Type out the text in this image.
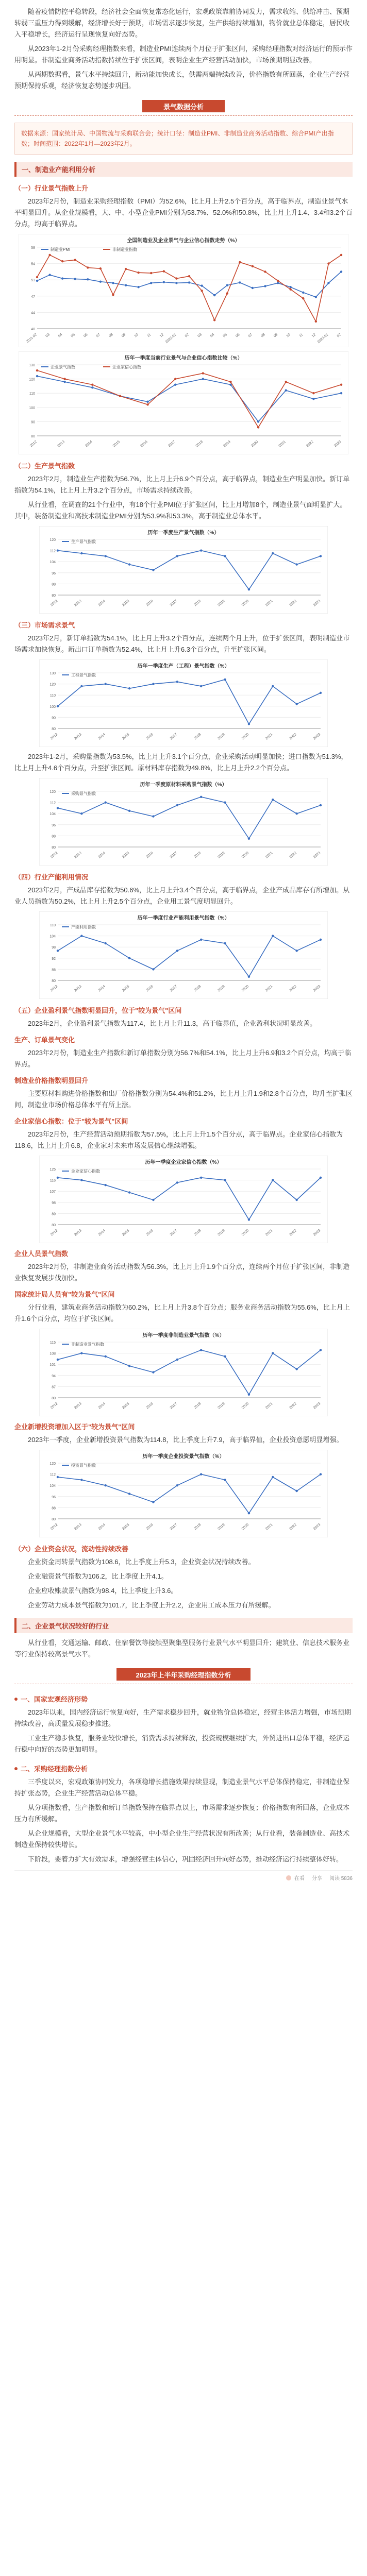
随着疫情防控平稳转段，经济社会全面恢复常态化运行，宏观政策靠前协同发力，需求收缩、供给冲击、预期转弱三重压力得到缓解，经济增长好于预期，市场需求逐步恢复，生产供给持续增加，物价就业总体稳定，居民收入平稳增长，经济运行呈现恢复向好态势。

从2023年1-2月份采购经理指数来看，制造业PMI连续两个月位于扩张区间，采购经理指数对经济运行的预示作用明显。非制造业商务活动指数持续位于扩张区间，表明企业生产经营活动加快，市场预期明显改善。

从两期数据看，景气水平持续回升，新动能加快成长，供需两端持续改善，价格指数有所回落，企业生产经营预期保持乐观，经济恢复态势逐步巩固。

景气数据分析
数据来源：国家统计局、中国物流与采购联合会；统计口径：制造业PMI、非制造业商务活动指数、综合PMI产出指数；时间范围：2022年1月—2023年2月。
一、制造业产能利用分析
（一）行业景气指数上升

2023年2月份，制造业采购经理指数（PMI）为52.6%，比上月上升2.5个百分点，高于临界点，制造业景气水平明显回升。从企业规模看，大、中、小型企业PMI分别为53.7%、52.0%和50.8%，比上月上升1.4、3.4和3.2个百分点，均高于临界点。

全国制造业及企业景气与企业信心指数走势（%）
40
44
47
51
54
58
2021-02 03 04 05 06 07 08 09 10 11 12 2022-01 02 03 04 05 06 07 08 09 10 11 12 2023-01 02
制造业PMI	非制造业指数
历年一季度当前行业景气与企业信心指数比较（%）
80
90
100
110
120
130
2012	2013	2014	2015	2016	2017	2018	2019	2020	2021	2022	2023
企业景气指数	企业家信心指数
（二）生产景气指数

2023年2月，制造业生产指数为56.7%，比上月上升6.9个百分点，高于临界点，制造业生产明显加快。新订单指数为54.1%，比上月上升3.2个百分点，市场需求持续改善。

从行业看，在调查的21个行业中，有18个行业PMI位于扩张区间，比上月增加8个，制造业景气面明显扩大。其中，装备制造业和高技术制造业PMI分别为53.9%和53.3%，高于制造业总体水平。

历年一季度生产景气指数（%）
80
88
96
104
112
120
2012	2013	2014	2015	2016	2017	2018	2019	2020	2021	2022	2023
生产景气指数
（三）市场需求景气

2023年2月，新订单指数为54.1%，比上月上升3.2个百分点，连续两个月上升，位于扩张区间，表明制造业市场需求加快恢复。新出口订单指数为52.4%，比上月上升6.3个百分点，升至扩张区间。

历年一季度生产（工程）景气指数（%）
80
90
100
110
120
130
2012	2013	2014	2015	2016	2017	2018	2019	2020	2021	2022	2023
工程景气指数

2023年1-2月，采购量指数为53.5%，比上月上升3.1个百分点，企业采购活动明显加快；进口指数为51.3%，比上月上升4.6个百分点，升至扩张区间。原材料库存指数为49.8%，比上月上升2.2个百分点。

历年一季度原材料采购景气指数（%）
80
88
96
104
112
120
2012	2013	2014	2015	2016	2017	2018	2019	2020	2021	2022	2023
采购景气指数
（四）行业产能利用情况

2023年2月，产成品库存指数为50.6%，比上月上升3.4个百分点，高于临界点，企业产成品库存有所增加。从业人员指数为50.2%，比上月上升2.5个百分点，企业用工景气度明显回升。

历年一季度行业产能利用景气指数（%）
80
86
92
98
104
110
2012	2013	2014	2015	2016	2017	2018	2019	2020	2021	2022	2023
产能利用指数
（五）企业盈利景气指数明显回升，位于"较为景气"区间

2023年2月，企业盈利景气指数为117.4，比上月上升11.3，高于临界值，企业盈利状况明显改善。

生产、订单景气变化

2023年2月份，制造业生产指数和新订单指数分别为56.7%和54.1%，比上月上升6.9和3.2个百分点，均高于临界点。

制造业价格指数明显回升

主要原材料购进价格指数和出厂价格指数分别为54.4%和51.2%，比上月上升1.9和2.8个百分点，均升至扩张区间，制造业市场价格总体水平有所上涨。

企业家信心指数：位于"较为景气"区间

2023年2月份，生产经营活动预期指数为57.5%，比上月上升1.5个百分点，高于临界点。企业家信心指数为118.6，比上月上升6.8，企业家对未来市场发展信心继续增强。

历年一季度企业家信心指数（%）
80
89
98
107
116
125
2012	2013	2014	2015	2016	2017	2018	2019	2020	2021	2022	2023
企业家信心指数
企业人员景气指数

2023年2月份，非制造业商务活动指数为56.3%，比上月上升1.9个百分点，连续两个月位于扩张区间，非制造业恢复发展步伐加快。

国家统计局人员有"较为景气"区间

分行业看，建筑业商务活动指数为60.2%，比上月上升3.8个百分点；服务业商务活动指数为55.6%，比上月上升1.6个百分点，均位于扩张区间。

历年一季度非制造业景气指数（%）
80
87
94
101
108
115
2012	2013	2014	2015	2016	2017	2018	2019	2020	2021	2022	2023
非制造业景气指数
企业新增投资增加入区于"较为景气"区间

2023年一季度，企业新增投资景气指数为114.8，比上季度上升7.9，高于临界值，企业投资意愿明显增强。

历年一季度企业投资景气指数（%）
80
88
96
104
112
120
2012	2013	2014	2015	2016	2017	2018	2019	2020	2021	2022	2023
投资景气指数
（六）企业资金状况，流动性持续改善

企业资金周转景气指数为108.6，比上季度上升5.3，企业资金状况持续改善。

企业融资景气指数为106.2，比上季度上升4.1。

企业应收账款景气指数为98.4，比上季度上升3.6。

企业劳动力成本景气指数为101.7，比上季度上升2.2，企业用工成本压力有所缓解。

二、企业景气状况较好的行业

从行业看，交通运输、邮政、住宿餐饮等接触型聚集型服务行业景气水平明显回升；建筑业、信息技术服务业等行业保持较高景气水平。

2023年上半年采购经理指数分析
一、国家宏观经济形势

2023年以来，国内经济运行恢复向好，生产需求稳步回升，就业物价总体稳定，经营主体活力增强，市场预期持续改善，高质量发展稳步推进。

工业生产稳步恢复，服务业较快增长，消费需求持续释放，投资规模继续扩大，外贸进出口总体平稳，经济运行稳中向好的态势更加明显。

二、采购经理指数分析

三季度以来，宏观政策协同发力，各项稳增长措施效果持续显现，制造业景气水平总体保持稳定，非制造业保持扩张态势，企业生产经营活动总体平稳。

从分项指数看，生产指数和新订单指数保持在临界点以上，市场需求逐步恢复；价格指数有所回落，企业成本压力有所缓解。

从企业规模看，大型企业景气水平较高，中小型企业生产经营状况有所改善；从行业看，装备制造业、高技术制造业保持较快增长。

下阶段，要着力扩大有效需求，增强经营主体信心，巩固经济回升向好态势，推动经济运行持续整体好转。

在看 分享 阅读 5836
